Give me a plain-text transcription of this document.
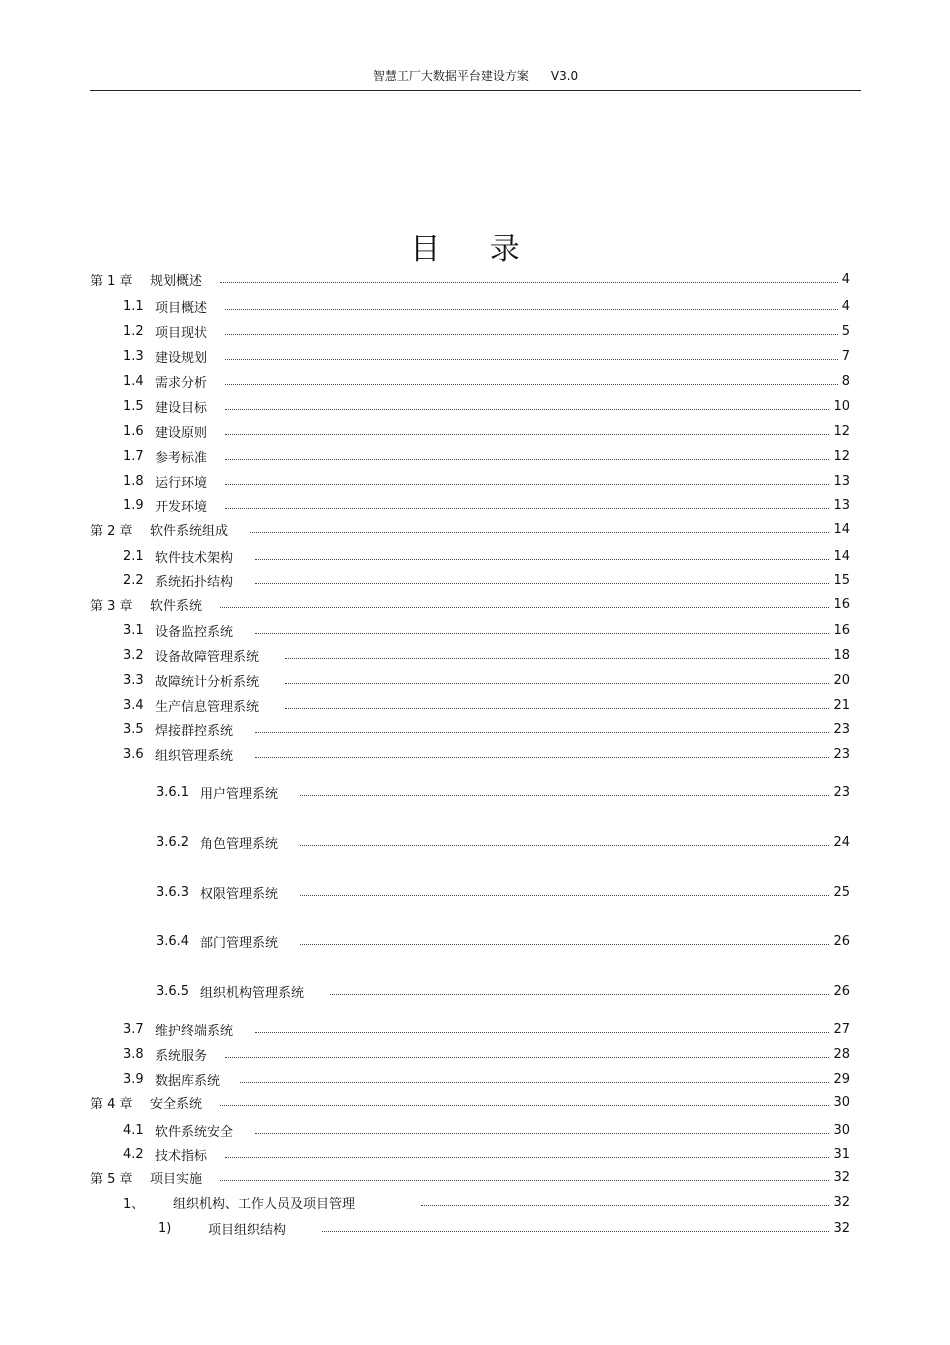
智慧工厂大数据平台建设方案 V3.0
目 录
第 1 章	规划概述	4
1.1 项目概述	4
1.2 项目现状	5
1.3 建设规划	7
1.4 需求分析	8
1.5 建设目标	10
1.6 建设原则	12
1.7 参考标准	12
1.8 运行环境	13
1.9 开发环境	13
第 2 章	软件系统组成	14
2.1 软件技术架构	14
2.2 系统拓扑结构	15
第 3 章	软件系统	16
3.1 设备监控系统	16
3.2 设备故障管理系统	18
3.3 故障统计分析系统	20
3.4 生产信息管理系统	21
3.5 焊接群控系统	23
3.6 组织管理系统	23
3.6.1 用户管理系统	23
3.6.2 角色管理系统	24
3.6.3 权限管理系统	25
3.6.4 部门管理系统	26
3.6.5 组织机构管理系统	26
3.7 维护终端系统	27
3.8 系统服务	28
3.9 数据库系统	29
第 4 章	安全系统	30
4.1 软件系统安全	30
4.2 技术指标	31
第 5 章	项目实施	32
1、	组织机构、工作人员及项目管理	32
1)	项目组织结构	32
